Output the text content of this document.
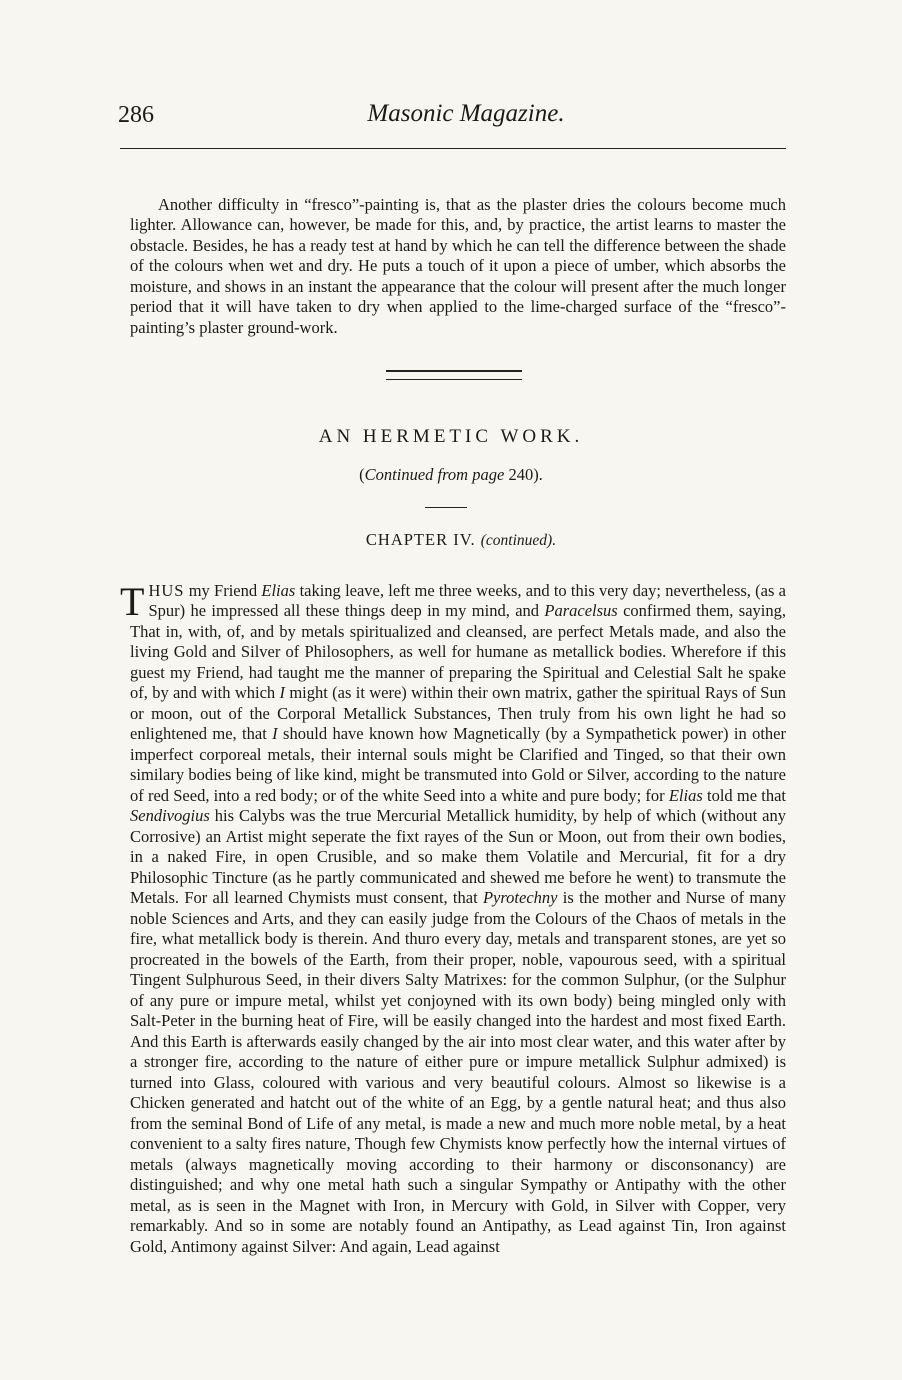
286	Masonic Magazine.

Another difficulty in “fresco”-painting is, that as the plaster dries the colours become much lighter. Allowance can, however, be made for this, and, by practice, the artist learns to master the obstacle. Besides, he has a ready test at hand by which he can tell the difference between the shade of the colours when wet and dry. He puts a touch of it upon a piece of umber, which absorbs the moisture, and shows in an instant the appearance that the colour will present after the much longer period that it will have taken to dry when applied to the lime-charged surface of the “fresco”-painting’s plaster ground-work.

AN HERMETIC WORK.
(Continued from page 240).
CHAPTER IV. (continued).

THUS my Friend Elias taking leave, left me three weeks, and to this very day; nevertheless, (as a Spur) he impressed all these things deep in my mind, and Paracelsus confirmed them, saying, That in, with, of, and by metals spiritualized and cleansed, are perfect Metals made, and also the living Gold and Silver of Philosophers, as well for humane as metallick bodies. Wherefore if this guest my Friend, had taught me the manner of preparing the Spiritual and Celestial Salt he spake of, by and with which I might (as it were) within their own matrix, gather the spiritual Rays of Sun or moon, out of the Corporal Metallick Substances, Then truly from his own light he had so enlightened me, that I should have known how Magnetically (by a Sympathetick power) in other imperfect corporeal metals, their internal souls might be Clarified and Tinged, so that their own similary bodies being of like kind, might be transmuted into Gold or Silver, according to the nature of red Seed, into a red body; or of the white Seed into a white and pure body; for Elias told me that Sendivogius his Calybs was the true Mercurial Metallick humidity, by help of which (without any Corrosive) an Artist might seperate the fixt rayes of the Sun or Moon, out from their own bodies, in a naked Fire, in open Crusible, and so make them Volatile and Mercurial, fit for a dry Philosophic Tincture (as he partly communicated and shewed me before he went) to transmute the Metals. For all learned Chymists must consent, that Pyrotechny is the mother and Nurse of many noble Sciences and Arts, and they can easily judge from the Colours of the Chaos of metals in the fire, what metallick body is therein. And thuro every day, metals and transparent stones, are yet so procreated in the bowels of the Earth, from their proper, noble, vapourous seed, with a spiritual Tingent Sulphurous Seed, in their divers Salty Matrixes: for the common Sulphur, (or the Sulphur of any pure or impure metal, whilst yet conjoyned with its own body) being mingled only with Salt-Peter in the burning heat of Fire, will be easily changed into the hardest and most fixed Earth. And this Earth is afterwards easily changed by the air into most clear water, and this water after by a stronger fire, according to the nature of either pure or impure metallick Sulphur admixed) is turned into Glass, coloured with various and very beautiful colours. Almost so likewise is a Chicken generated and hatcht out of the white of an Egg, by a gentle natural heat; and thus also from the seminal Bond of Life of any metal, is made a new and much more noble metal, by a heat convenient to a salty fires nature, Though few Chymists know perfectly how the internal virtues of metals (always magnetically moving according to their harmony or disconsonancy) are distinguished; and why one metal hath such a singular Sympathy or Antipathy with the other metal, as is seen in the Magnet with Iron, in Mercury with Gold, in Silver with Copper, very remarkably. And so in some are notably found an Antipathy, as Lead against Tin, Iron against Gold, Antimony against Silver: And again, Lead against
